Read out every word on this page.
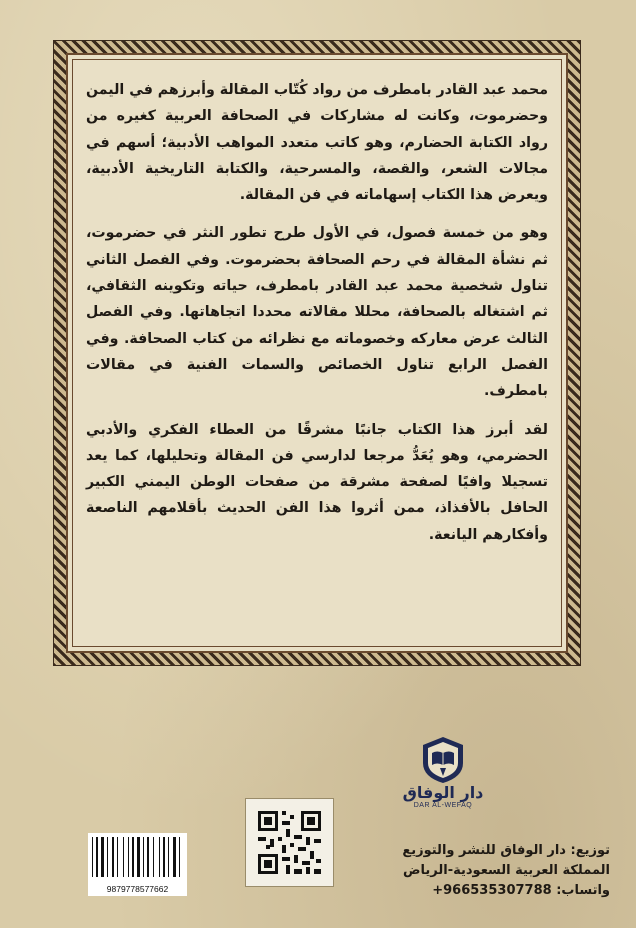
محمد عبد القادر بامطرف من رواد كُتّاب المقالة وأبرزهم في اليمن وحضرموت، وكانت له مشاركات في الصحافة العربية كغيره من رواد الكتابة الحضارم، وهو كاتب متعدد المواهب الأدبية؛ أسهم في مجالات الشعر، والقصة، والمسرحية، والكتابة التاريخية الأدبية، ويعرض هذا الكتاب إسهاماته في فن المقالة.

وهو من خمسة فصول، في الأول طرح تطور النثر في حضرموت، ثم نشأة المقالة في رحم الصحافة بحضرموت. وفي الفصل الثاني تناول شخصية محمد عبد القادر بامطرف، حياته وتكوينه الثقافي، ثم اشتغاله بالصحافة، محللا مقالاته محددا اتجاهاتها. وفي الفصل الثالث عرض معاركه وخصوماته مع نظرائه من كتاب الصحافة. وفي الفصل الرابع تناول الخصائص والسمات الفنية في مقالات بامطرف.

لقد أبرز هذا الكتاب جانبًا مشرقًا من العطاء الفكري والأدبي الحضرمي، وهو يُعَدُّ مرجعا لدارسي فن المقالة وتحليلها، كما يعد تسجيلا وافيًا لصفحة مشرقة من صفحات الوطن اليمني الكبير الحافل بالأفذاذ، ممن أثروا هذا الفن الحديث بأقلامهم الناصعة وأفكارهم اليانعة.

دار الوفاق
DAR AL-WEFAQ
توزيع: دار الوفاق للنشر والتوزيع
المملكة العربية السعودية-الرياض
واتساب: 966535307788+
9879778577662
